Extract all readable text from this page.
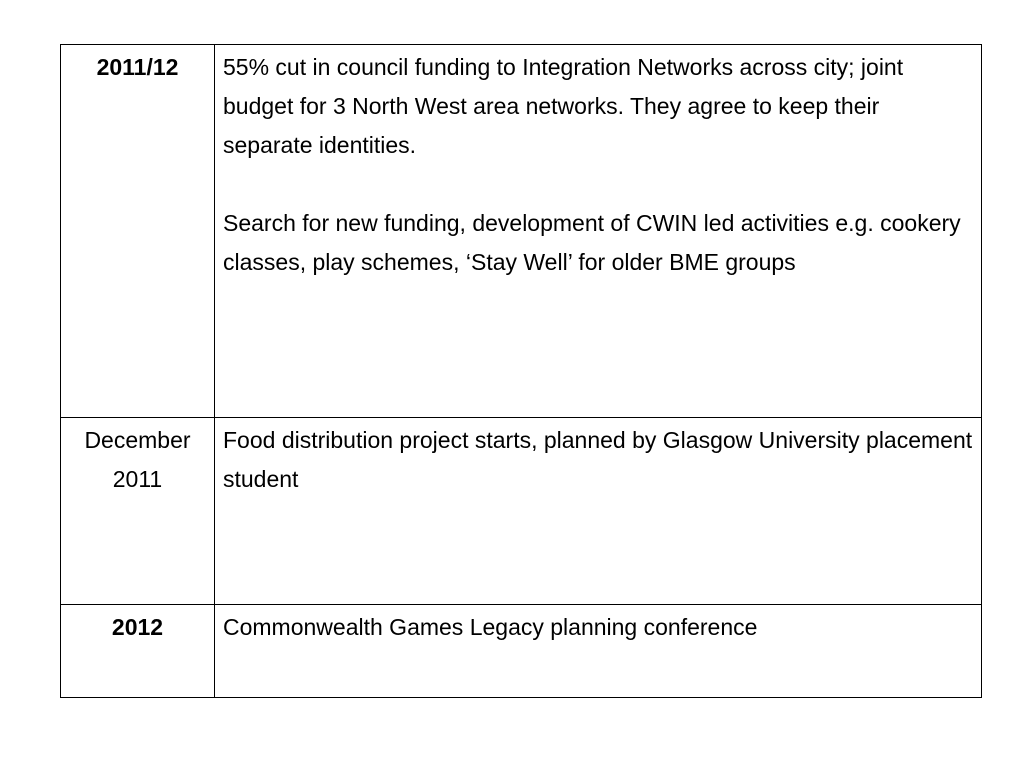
2011/12	55% cut in council funding to Integration Networks across city; joint budget for 3 North West area networks. They agree to keep their separate identities.

Search for new funding, development of CWIN led activities e.g. cookery classes, play schemes, ‘Stay Well’ for older BME groups

December 2011	Food distribution project starts, planned by Glasgow University placement student

2012	Commonwealth Games Legacy planning conference
